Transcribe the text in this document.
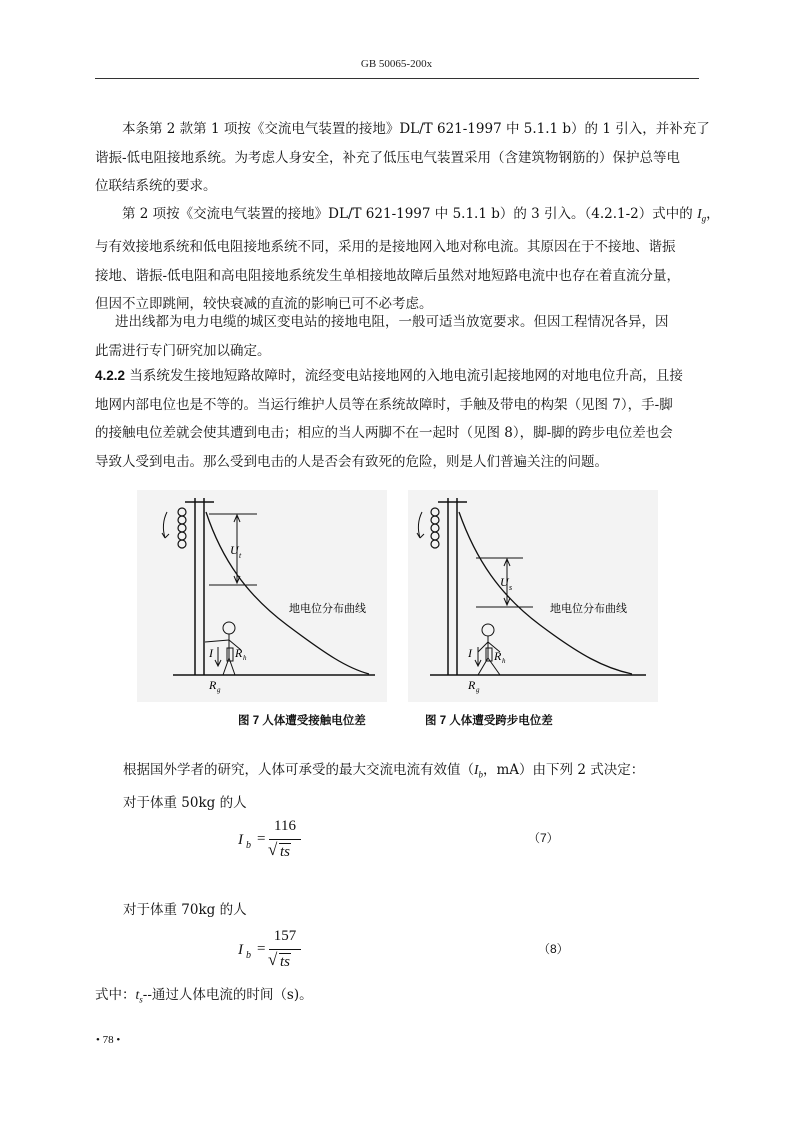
GB 50065-200x
本条第 2 款第 1 项按《交流电气装置的接地》DL/T 621-1997 中 5.1.1 b）的 1 引入，并补充了
谐振-低电阻接地系统。为考虑人身安全，补充了低压电气装置采用（含建筑物钢筋的）保护总等电
位联结系统的要求。
第 2 项按《交流电气装置的接地》DL/T 621-1997 中 5.1.1 b）的 3 引入。（4.2.1-2）式中的 $I_g$，
与有效接地系统和低电阻接地系统不同，采用的是接地网入地对称电流。其原因在于不接地、谐振
接地、谐振-低电阻和高电阻接地系统发生单相接地故障后虽然对地短路电流中也存在着直流分量，
但因不立即跳闸，较快衰减的直流的影响已可不必考虑。
进出线都为电力电缆的城区变电站的接地电阻，一般可适当放宽要求。但因工程情况各异，因
此需进行专门研究加以确定。
4.2.2 当系统发生接地短路故障时，流经变电站接地网的入地电流引起接地网的对地电位升高，且接
地网内部电位也是不等的。当运行维护人员等在系统故障时，手触及带电的构架（见图 7），手-脚
的接触电位差就会使其遭到电击；相应的当人两脚不在一起时（见图 8），脚-脚的跨步电位差也会
导致人受到电击。那么受到电击的人是否会有致死的危险，则是人们普遍关注的问题。
U t
地电位分布曲线
I R h
R g
图 7 人体遭受接触电位差
U s
地电位分布曲线
I R h
R g
图 7 人体遭受跨步电位差
根据国外学者的研究，人体可承受的最大交流电流有效值（$I_b$，mA）由下列 2 式决定：
对于体重 50kg 的人
I b =
116
√ ts
（7）
对于体重 70kg 的人
I b =
157
√ ts
（8）
式中：$t_s--$通过人体电流的时间（s)。
• 78 •
